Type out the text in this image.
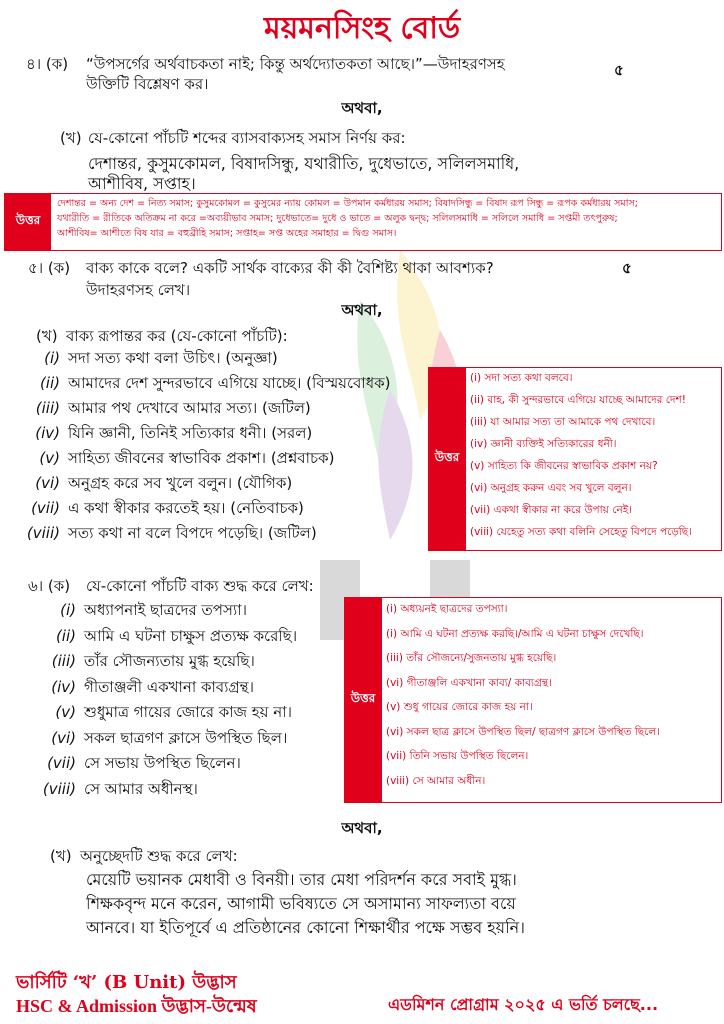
ময়মনসিংহ বোর্ড
৪। (ক)	“উপসর্গের অর্থবাচকতা নাই; কিন্তু অর্থদ্যোতকতা আছে।”—উদাহরণসহ উক্তিটি বিশ্লেষণ কর।
৫
অথবা,
(খ) যে-কোনো পাঁচটি শব্দের ব্যাসবাক্যসহ সমাস নির্ণয় কর:
দেশান্তর, কুসুমকোমল, বিষাদসিন্ধু, যথারীতি, দুধেভাতে, সলিলসমাধি,
আশীবিষ, সপ্তাহ।
উত্তর
দেশান্তর = অন্য দেশ = নিত্য সমাস; কুসুমকোমল = কুসুমের ন্যায় কোমল = উপমান কর্মধারয় সমাস; বিষাদসিন্ধু = বিষাদ রূপ সিন্ধু = রূপক কর্মধারয় সমাস;
যথারীতি = রীতিকে অতিক্রম না করে =অব্যয়ীভাব সমাস; দুধেভাতে= দুধে ও ভাতে = অলুক দ্বন্দ্ব; সলিলসমাধি = সলিলে সমাধি = সপ্তমী তৎপুরুষ;
আশীবিষ= আশীতে বিষ যার = বহুব্রীহি সমাস; সপ্তাহ= সপ্ত অহের সমাহার = দ্বিগু সমাস।
৫। (ক)	বাক্য কাকে বলে? একটি সার্থক বাক্যের কী কী বৈশিষ্ট্য থাকা আবশ্যক?	৫
উদাহরণসহ লেখ।
অথবা,
(খ) বাক্য রূপান্তর কর (যে-কোনো পাঁচটি):
(i) সদা সত্য কথা বলা উচিৎ। (অনুজ্ঞা)
(ii) আমাদের দেশ সুন্দরভাবে এগিয়ে যাচ্ছে। (বিস্ময়বোধক)
(iii) আমার পথ দেখাবে আমার সত্য। (জটিল)
(iv) যিনি জ্ঞানী, তিনিই সত্যিকার ধনী। (সরল)
(v) সাহিত্য জীবনের স্বাভাবিক প্রকাশ। (প্রশ্নবাচক)
(vi) অনুগ্রহ করে সব খুলে বলুন। (যৌগিক)
(vii) এ কথা স্বীকার করতেই হয়। (নেতিবাচক)
(viii) সত্য কথা না বলে বিপদে পড়েছি। (জটিল)
উত্তর
(i) সদা সত্য কথা বলবে।
(ii) বাহ, কী সুন্দরভাবে এগিয়ে যাচ্ছে আমাদের দেশ!
(iii) যা আমার সত্য তা আমাকে পথ দেখাবে।
(iv) জ্ঞানী ব্যক্তিই সত্যিকারের ধনী।
(v) সাহিত্য কি জীবনের স্বাভাবিক প্রকাশ নয়?
(vi) অনুগ্রহ করুন এবং সব খুলে বলুন।
(vii) একথা স্বীকার না করে উপায় নেই।
(viii) যেহেতু সত্য কথা বলিনি সেহেতু বিপদে পড়েছি।
৬। (ক)	যে-কোনো পাঁচটি বাক্য শুদ্ধ করে লেখ:
(i) অধ্যাপনাই ছাত্রদের তপস্যা।
(ii) আমি এ ঘটনা চাক্ষুস প্রত্যক্ষ করেছি।
(iii) তাঁর সৌজন্যতায় মুগ্ধ হয়েছি।
(iv) গীতাঞ্জলী একখানা কাব্যগ্রন্থ।
(v) শুধুমাত্র গায়ের জোরে কাজ হয় না।
(vi) সকল ছাত্রগণ ক্লাসে উপস্থিত ছিল।
(vii) সে সভায় উপস্থিত ছিলেন।
(viii) সে আমার অধীনস্থ।
উত্তর
(i) অধ্যয়নই ছাত্রদের তপস্যা।
(i) আমি এ ঘটনা প্রত্যক্ষ করছি।/আমি এ ঘটনা চাক্ষুস দেখেছি।
(iii) তাঁর সৌজন্যে/সুজনতায় মুগ্ধ হয়েছি।
(vi) গীতাঞ্জলি একখানা কাব্য/ কাব্যগ্রন্থ।
(v) শুধু গায়ের জোরে কাজ হয় না।
(vi) সকল ছাত্র ক্লাসে উপস্থিত ছিল/ ছাত্রগণ ক্লাসে উপস্থিত ছিলে।
(vii) তিনি সভায় উপস্থিত ছিলেন।
(viii) সে আমার অধীন।
অথবা,
(খ) অনুচ্ছেদটি শুদ্ধ করে লেখ:
মেয়েটি ভয়ানক মেধাবী ও বিনয়ী। তার মেধা পরিদর্শন করে সবাই মুগ্ধ।
শিক্ষকবৃন্দ মনে করেন, আগামী ভবিষ্যতে সে অসামান্য সাফল্যতা বয়ে
আনবে। যা ইতিপূর্বে এ প্রতিষ্ঠানের কোনো শিক্ষার্থীর পক্ষে সম্ভব হয়নি।
ভার্সিটি ‘খ’ (B Unit) উদ্ভাস
HSC & Admission উদ্ভাস-উন্মেষ	এডমিশন প্রোগ্রাম ২০২৫ এ ভর্তি চলছে...
